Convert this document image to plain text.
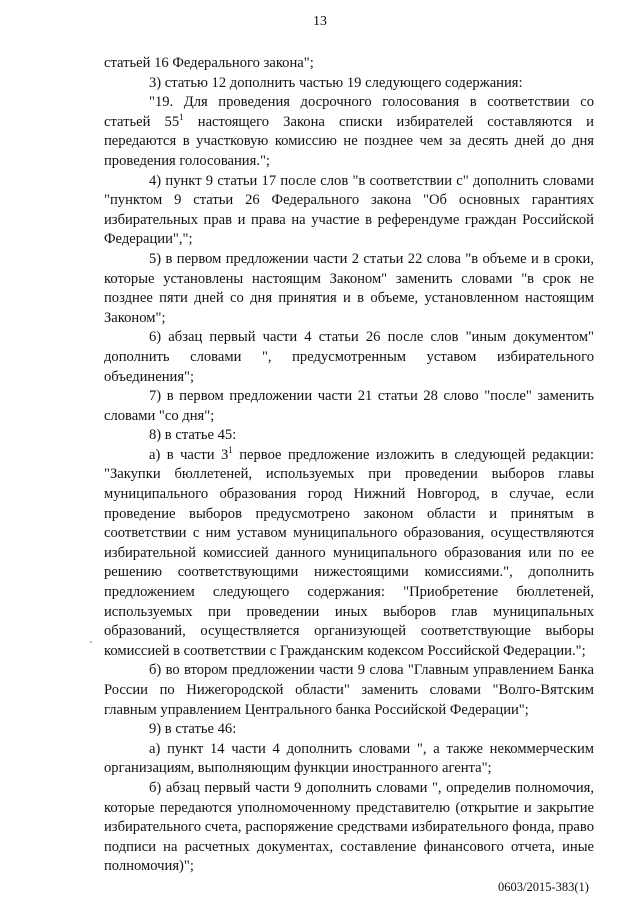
13

статьей 16 Федерального закона";

3) статью 12 дополнить частью 19 следующего содержания:

"19. Для проведения досрочного голосования в соответствии со статьей $55^1$ настоящего Закона списки избирателей составляются и передаются в участковую комиссию не позднее чем за десять дней до дня проведения голосования.";

4) пункт 9 статьи 17 после слов "в соответствии с" дополнить словами "пунктом 9 статьи 26 Федерального закона "Об основных гарантиях избирательных прав и права на участие в референдуме граждан Российской Федерации",";

5) в первом предложении части 2 статьи 22 слова "в объеме и в сроки, которые установлены настоящим Законом" заменить словами "в срок не позднее пяти дней со дня принятия и в объеме, установленном настоящим Законом";

6) абзац первый части 4 статьи 26 после слов "иным документом" дополнить словами ", предусмотренным уставом избирательного объединения";

7) в первом предложении части 21 статьи 28 слово "после" заменить словами "со дня";

8) в статье 45:

а) в части $3^1$ первое предложение изложить в следующей редакции: "Закупки бюллетеней, используемых при проведении выборов главы муниципального образования город Нижний Новгород, в случае, если проведение выборов предусмотрено законом области и принятым в соответствии с ним уставом муниципального образования, осуществляются избирательной комиссией данного муниципального образования или по ее решению соответствующими нижестоящими комиссиями.", дополнить предложением следующего содержания: "Приобретение бюллетеней, используемых при проведении иных выборов глав муниципальных образований, осуществляется организующей соответствующие выборы комиссией в соответствии с Гражданским кодексом Российской Федерации.";

б) во втором предложении части 9 слова "Главным управлением Банка России по Нижегородской области" заменить словами "Волго-Вятским главным управлением Центрального банка Российской Федерации";

9) в статье 46:

а) пункт 14 части 4 дополнить словами ", а также некоммерческим организациям, выполняющим функции иностранного агента";

б) абзац первый части 9 дополнить словами ", определив полномочия, которые передаются уполномоченному представителю (открытие и закрытие избирательного счета, распоряжение средствами избирательного фонда, право подписи на расчетных документах, составление финансового отчета, иные полномочия)";

'
0603/2015-383(1)
